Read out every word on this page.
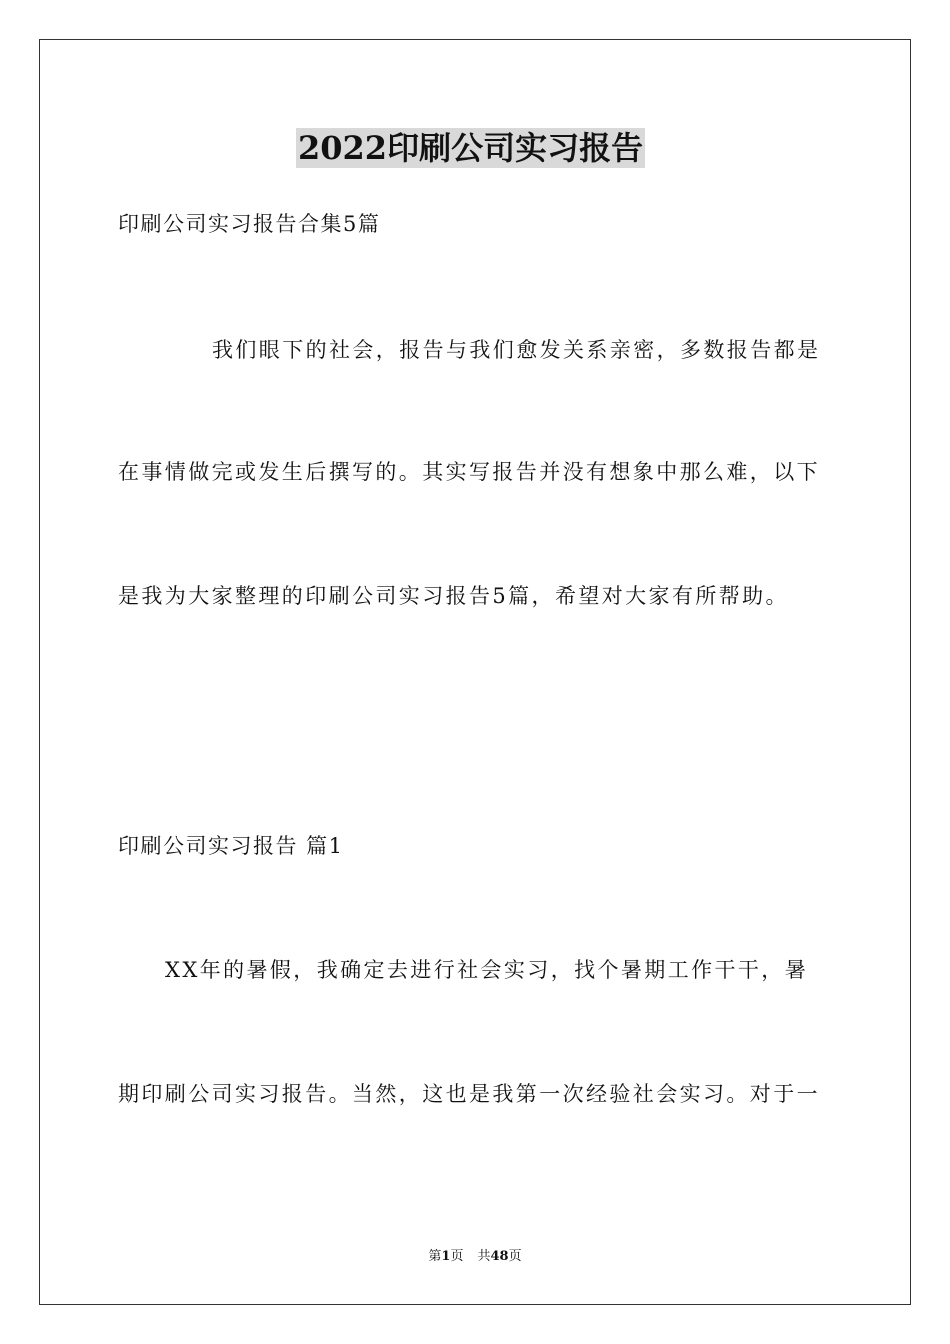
2022印刷公司实习报告
印刷公司实习报告合集5篇
我们眼下的社会，报告与我们愈发关系亲密，多数报告都是
在事情做完或发生后撰写的。其实写报告并没有想象中那么难，以下
是我为大家整理的印刷公司实习报告5篇，希望对大家有所帮助。
印刷公司实习报告 篇1
XX年的暑假，我确定去进行社会实习，找个暑期工作干干，暑
期印刷公司实习报告。当然，这也是我第一次经验社会实习。对于一
第1页 共48页
